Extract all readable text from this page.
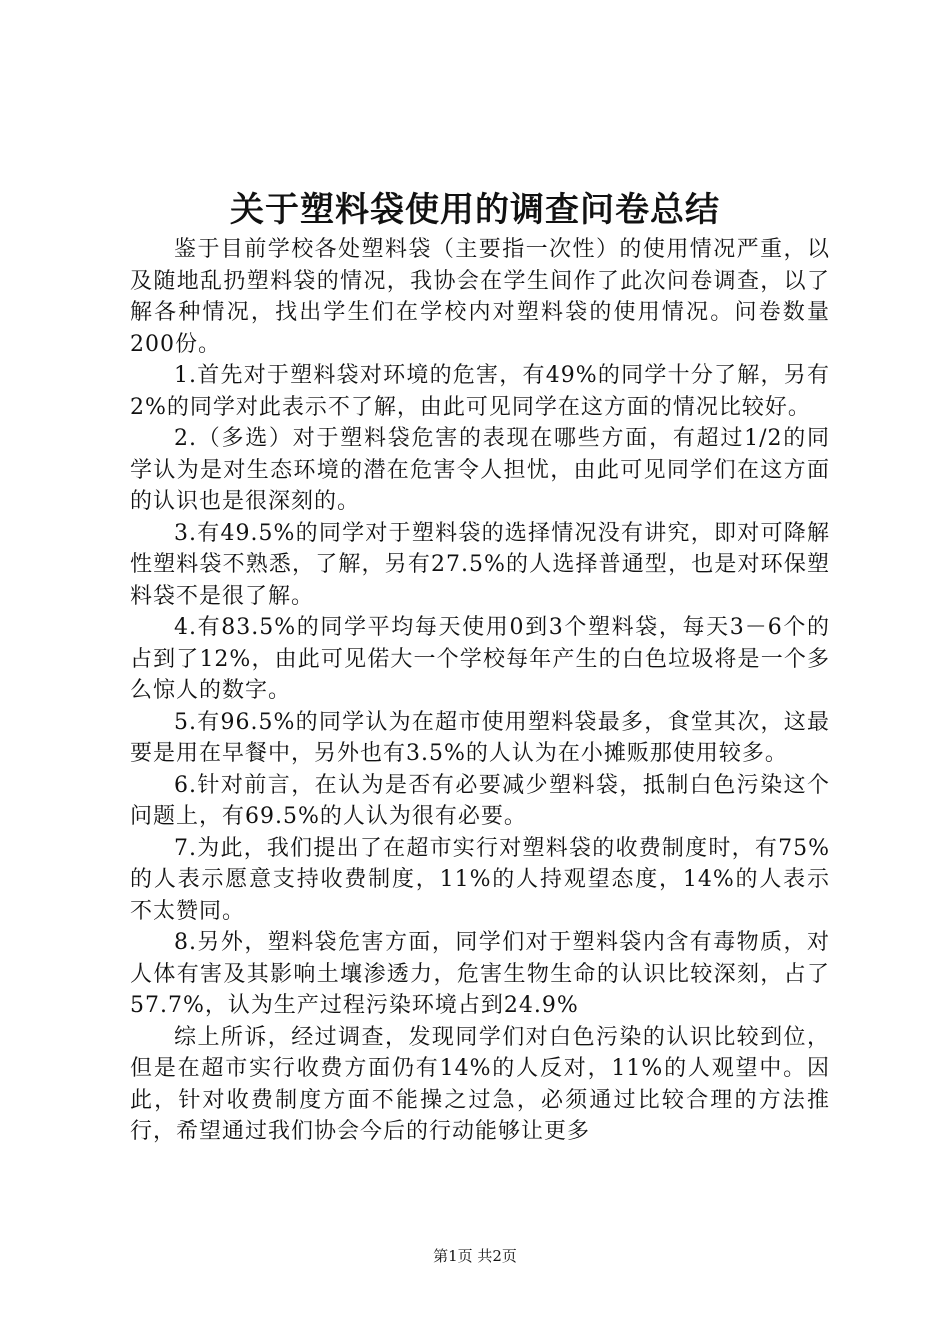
关于塑料袋使用的调查问卷总结

鉴于目前学校各处塑料袋（主要指一次性）的使用情况严重，以及随地乱扔塑料袋的情况，我协会在学生间作了此次问卷调查，以了解各种情况，找出学生们在学校内对塑料袋的使用情况。问卷数量200份。

1.首先对于塑料袋对环境的危害，有49%的同学十分了解，另有2%的同学对此表示不了解，由此可见同学在这方面的情况比较好。

2.（多选）对于塑料袋危害的表现在哪些方面，有超过1/2的同学认为是对生态环境的潜在危害令人担忧，由此可见同学们在这方面的认识也是很深刻的。

3.有49.5%的同学对于塑料袋的选择情况没有讲究，即对可降解性塑料袋不熟悉，了解，另有27.5%的人选择普通型，也是对环保塑料袋不是很了解。

4.有83.5%的同学平均每天使用0到3个塑料袋，每天3－6个的占到了12%，由此可见偌大一个学校每年产生的白色垃圾将是一个多么惊人的数字。

5.有96.5%的同学认为在超市使用塑料袋最多，食堂其次，这最要是用在早餐中，另外也有3.5%的人认为在小摊贩那使用较多。

6.针对前言，在认为是否有必要减少塑料袋，抵制白色污染这个问题上，有69.5%的人认为很有必要。

7.为此，我们提出了在超市实行对塑料袋的收费制度时，有75%的人表示愿意支持收费制度，11%的人持观望态度，14%的人表示不太赞同。

8.另外，塑料袋危害方面，同学们对于塑料袋内含有毒物质，对人体有害及其影响土壤渗透力，危害生物生命的认识比较深刻，占了57.7%，认为生产过程污染环境占到24.9%

综上所诉，经过调查，发现同学们对白色污染的认识比较到位，但是在超市实行收费方面仍有14%的人反对，11%的人观望中。因此，针对收费制度方面不能操之过急，必须通过比较合理的方法推行，希望通过我们协会今后的行动能够让更多

第1页 共2页
